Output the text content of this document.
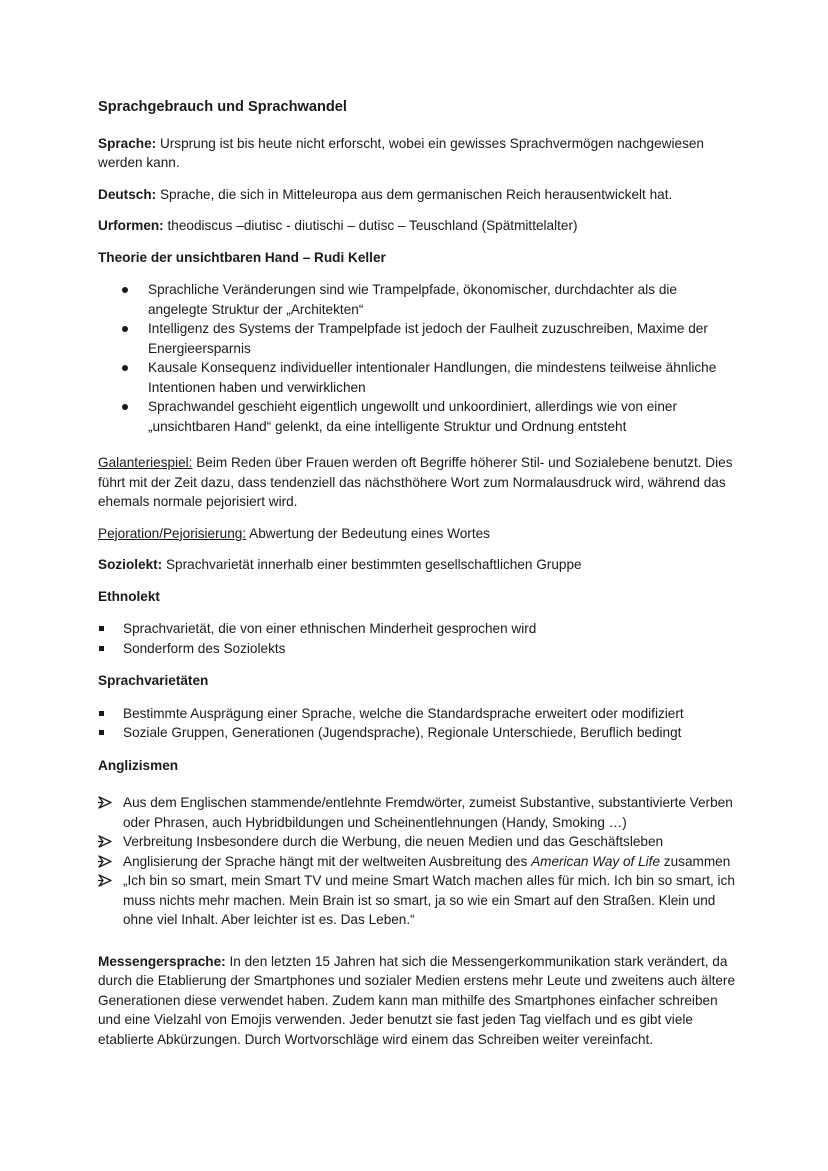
Sprachgebrauch und Sprachwandel

Sprache: Ursprung ist bis heute nicht erforscht, wobei ein gewisses Sprachvermögen nachgewiesen werden kann.

Deutsch: Sprache, die sich in Mitteleuropa aus dem germanischen Reich herausentwickelt hat.

Urformen: theodiscus –diutisc - diutischi – dutisc – Teuschland (Spätmittelalter)

Theorie der unsichtbaren Hand – Rudi Keller

Sprachliche Veränderungen sind wie Trampelpfade, ökonomischer, durchdachter als die angelegte Struktur der „Architekten“
Intelligenz des Systems der Trampelpfade ist jedoch der Faulheit zuzuschreiben, Maxime der Energieersparnis
Kausale Konsequenz individueller intentionaler Handlungen, die mindestens teilweise ähnliche Intentionen haben und verwirklichen
Sprachwandel geschieht eigentlich ungewollt und unkoordiniert, allerdings wie von einer „unsichtbaren Hand“ gelenkt, da eine intelligente Struktur und Ordnung entsteht

Galanteriespiel: Beim Reden über Frauen werden oft Begriffe höherer Stil- und Sozialebene benutzt. Dies führt mit der Zeit dazu, dass tendenziell das nächsthöhere Wort zum Normalausdruck wird, während das ehemals normale pejorisiert wird.

Pejoration/Pejorisierung: Abwertung der Bedeutung eines Wortes

Soziolekt: Sprachvarietät innerhalb einer bestimmten gesellschaftlichen Gruppe

Ethnolekt

Sprachvarietät, die von einer ethnischen Minderheit gesprochen wird
Sonderform des Soziolekts

Sprachvarietäten

Bestimmte Ausprägung einer Sprache, welche die Standardsprache erweitert oder modifiziert
Soziale Gruppen, Generationen (Jugendsprache), Regionale Unterschiede, Beruflich bedingt

Anglizismen

Aus dem Englischen stammende/entlehnte Fremdwörter, zumeist Substantive, substantivierte Verben oder Phrasen, auch Hybridbildungen und Scheinentlehnungen (Handy, Smoking …)
Verbreitung Insbesondere durch die Werbung, die neuen Medien und das Geschäftsleben
Anglisierung der Sprache hängt mit der weltweiten Ausbreitung des American Way of Life zusammen
„Ich bin so smart, mein Smart TV und meine Smart Watch machen alles für mich. Ich bin so smart, ich muss nichts mehr machen. Mein Brain ist so smart, ja so wie ein Smart auf den Straßen. Klein und ohne viel Inhalt. Aber leichter ist es. Das Leben.“

Messengersprache: In den letzten 15 Jahren hat sich die Messengerkommunikation stark verändert, da durch die Etablierung der Smartphones und sozialer Medien erstens mehr Leute und zweitens auch ältere Generationen diese verwendet haben. Zudem kann man mithilfe des Smartphones einfacher schreiben und eine Vielzahl von Emojis verwenden. Jeder benutzt sie fast jeden Tag vielfach und es gibt viele etablierte Abkürzungen. Durch Wortvorschläge wird einem das Schreiben weiter vereinfacht.
